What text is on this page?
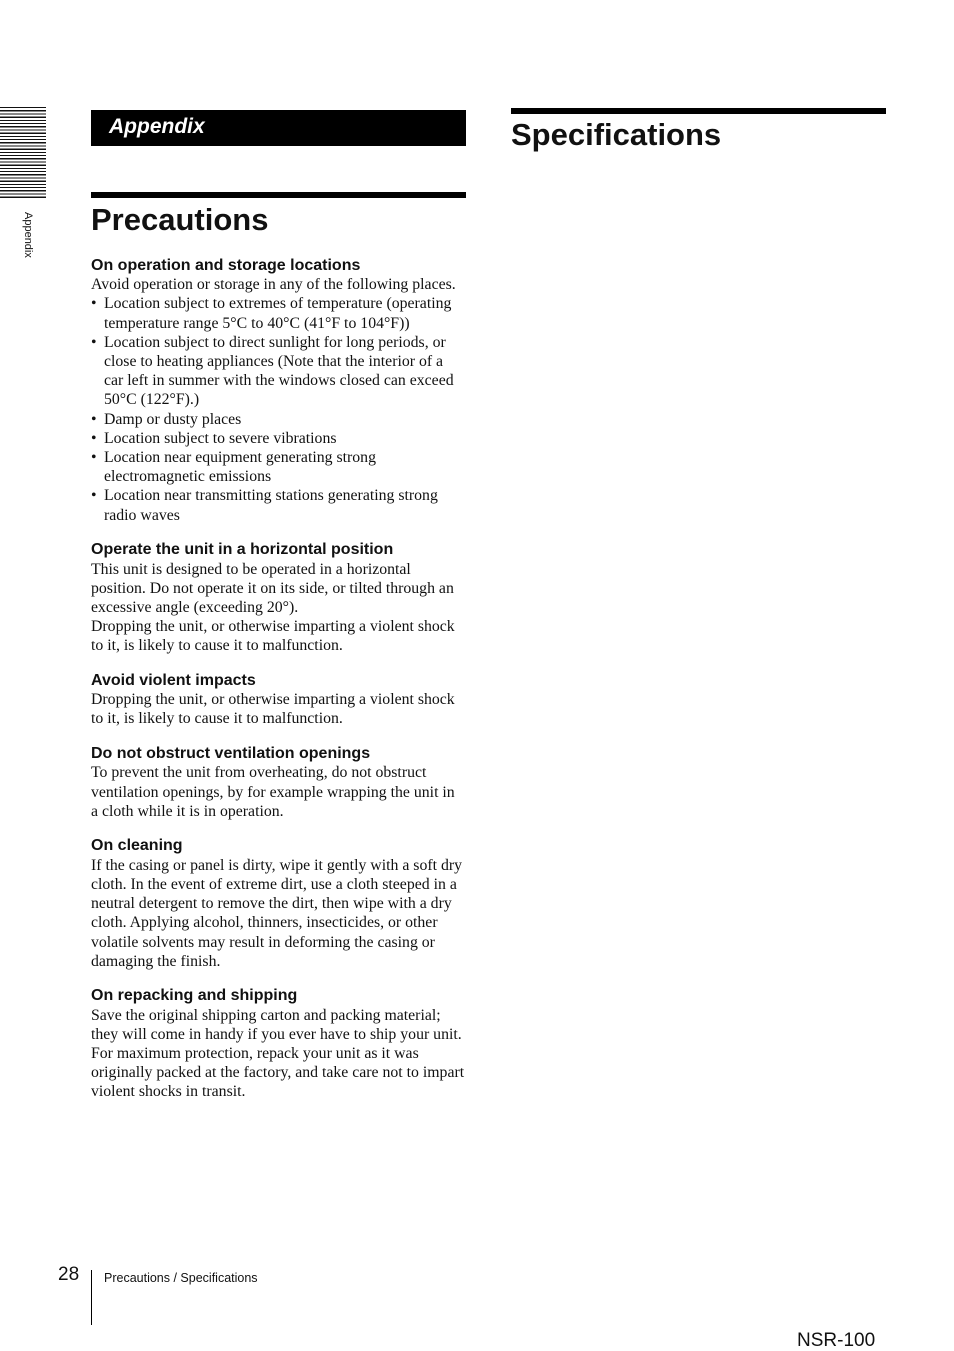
Appendix
Appendix
Precautions
Specifications
On operation and storage locations

Avoid operation or storage in any of the following places.

• Location subject to extremes of temperature (operating temperature range 5°C to 40°C (41°F to 104°F))
• Location subject to direct sunlight for long periods, or close to heating appliances (Note that the interior of a car left in summer with the windows closed can exceed 50°C (122°F).)
• Damp or dusty places
• Location subject to severe vibrations
• Location near equipment generating strong electromagnetic emissions
• Location near transmitting stations generating strong radio waves
Operate the unit in a horizontal position

This unit is designed to be operated in a horizontal position. Do not operate it on its side, or tilted through an excessive angle (exceeding 20°).

Dropping the unit, or otherwise imparting a violent shock to it, is likely to cause it to malfunction.

Avoid violent impacts

Dropping the unit, or otherwise imparting a violent shock to it, is likely to cause it to malfunction.

Do not obstruct ventilation openings

To prevent the unit from overheating, do not obstruct ventilation openings, by for example wrapping the unit in a cloth while it is in operation.

On cleaning

If the casing or panel is dirty, wipe it gently with a soft dry cloth. In the event of extreme dirt, use a cloth steeped in a neutral detergent to remove the dirt, then wipe with a dry cloth. Applying alcohol, thinners, insecticides, or other volatile solvents may result in deforming the casing or damaging the finish.

On repacking and shipping

Save the original shipping carton and packing material; they will come in handy if you ever have to ship your unit.

For maximum protection, repack your unit as it was originally packed at the factory, and take care not to impart violent shocks in transit.

28 Precautions / Specifications
NSR-100
